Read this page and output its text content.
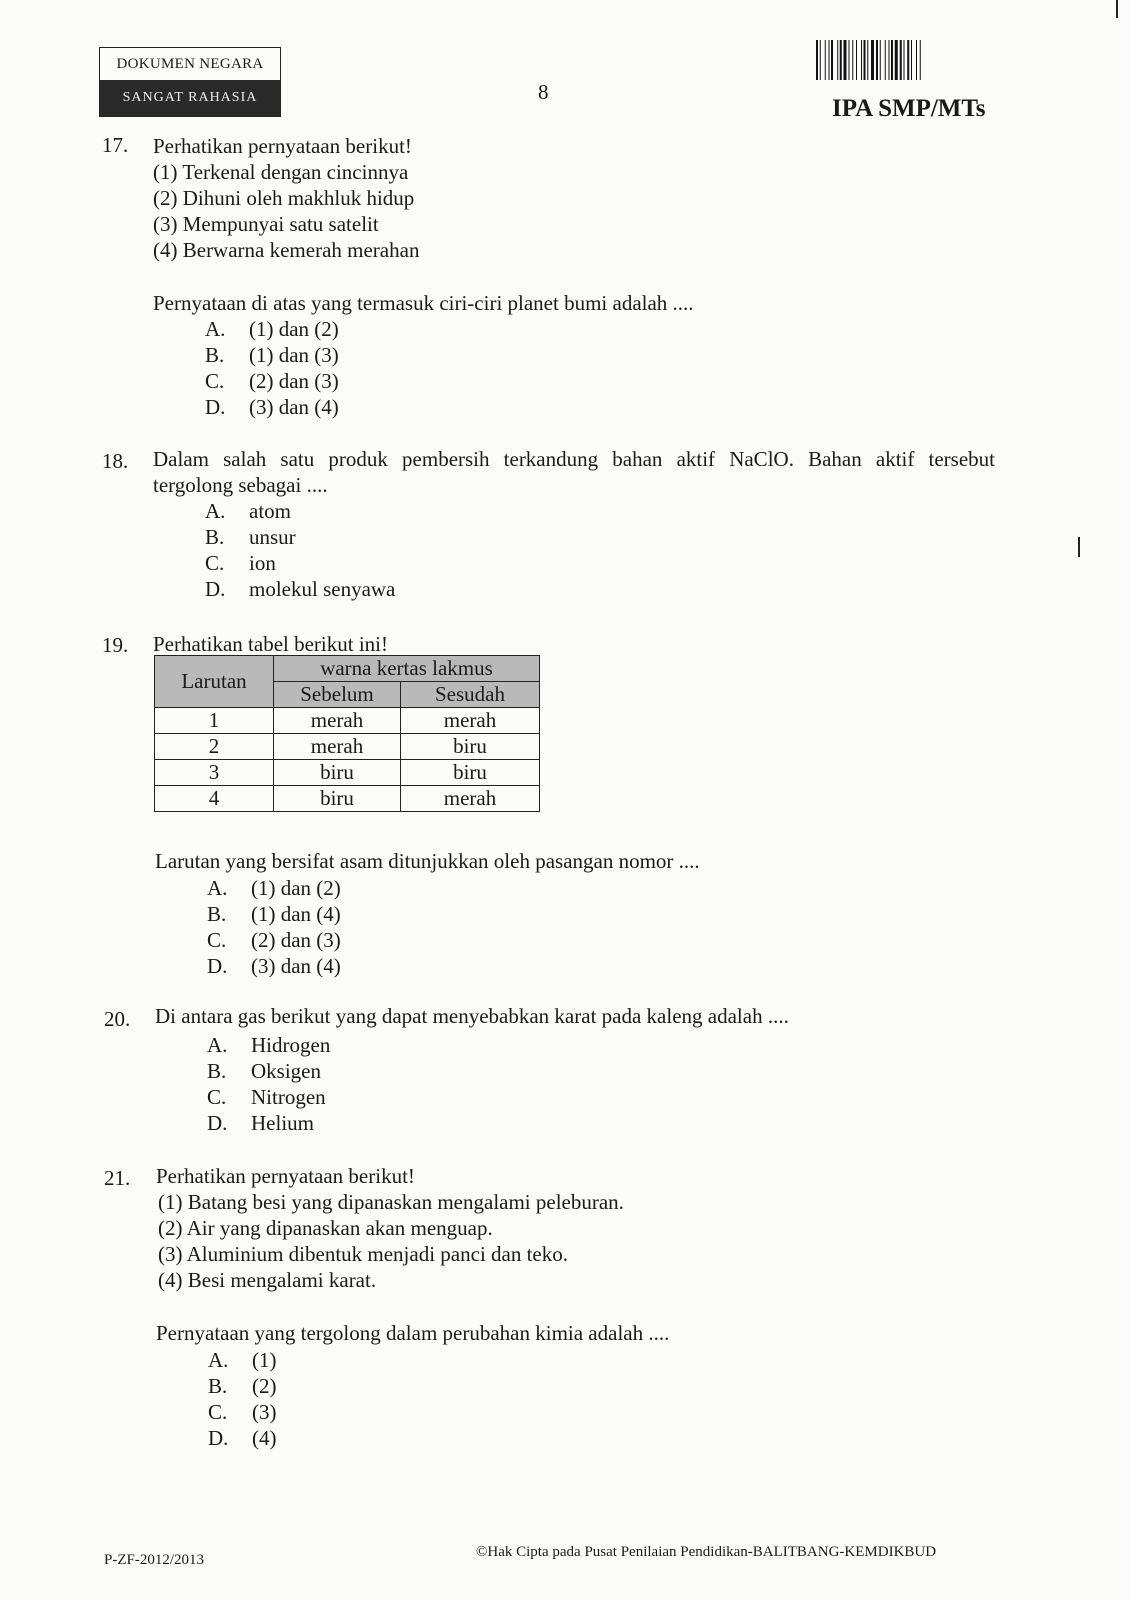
DOKUMEN NEGARA
SANGAT RAHASIA	8
IPA SMP/MTs
17. Perhatikan pernyataan berikut!
(1) Terkenal dengan cincinnya
(2) Dihuni oleh makhluk hidup
(3) Mempunyai satu satelit
(4) Berwarna kemerah merahan
Pernyataan di atas yang termasuk ciri-ciri planet bumi adalah ....
A. (1) dan (2)
B. (1) dan (3)
C. (2) dan (3)
D. (3) dan (4)
18. Dalam salah satu produk pembersih terkandung bahan aktif NaClO. Bahan aktif tersebut
tergolong sebagai ....
A. atom
B. unsur
C. ion
D. molekul senyawa
19. Perhatikan tabel berikut ini!
Larutan	warna kertas lakmus	
	Sebelum	Sesudah
1	merah	merah
2	merah	biru
3	biru	biru
4	biru	merah
Larutan yang bersifat asam ditunjukkan oleh pasangan nomor ....
A. (1) dan (2)
B. (1) dan (4)
C. (2) dan (3)
D. (3) dan (4)
20. Di antara gas berikut yang dapat menyebabkan karat pada kaleng adalah ....
A. Hidrogen
B. Oksigen
C. Nitrogen
D. Helium
21. Perhatikan pernyataan berikut!
(1) Batang besi yang dipanaskan mengalami peleburan.
(2) Air yang dipanaskan akan menguap.
(3) Aluminium dibentuk menjadi panci dan teko.
(4) Besi mengalami karat.
Pernyataan yang tergolong dalam perubahan kimia adalah ....
A. (1)
B. (2)
C. (3)
D. (4)
P-ZF-2012/2013	©Hak Cipta pada Pusat Penilaian Pendidikan-BALITBANG-KEMDIKBUD
